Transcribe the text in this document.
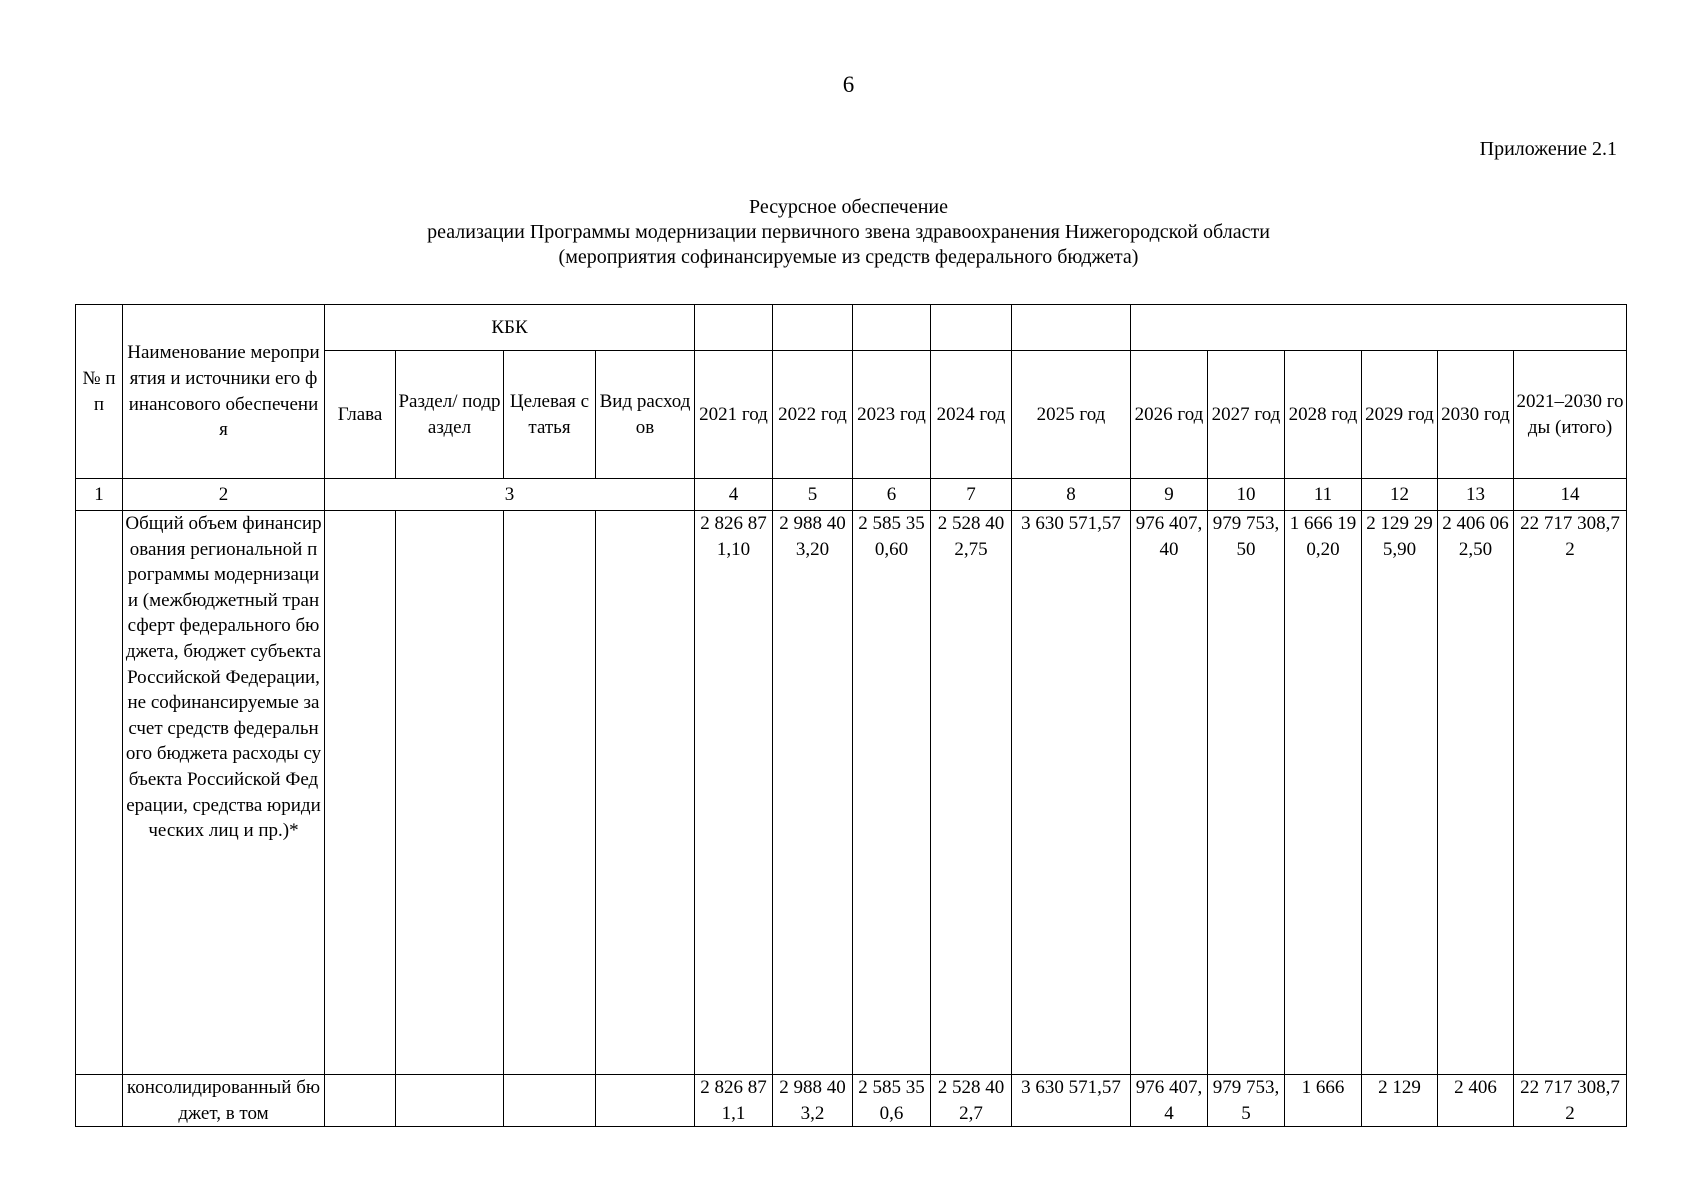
6
Приложение 2.1
Ресурсное обеспечение
реализации Программы модернизации первичного звена здравоохранения Нижегородской области
(мероприятия софинансируемые из средств федерального бюджета)
№ пп	Наименование мероприятия и источники его финансового обеспечения	КБК														
		Глава	Раздел/ подраздел	Целевая статья	Вид расходов	2021 год	2022 год	2023 год	2024 год	2025 год	2026 год	2027 год	2028 год	2029 год	2030 год	2021–2030 годы (итого)
1	2	3				4	5	6	7	8	9	10	11	12	13	14
	Общий объем финансирования региональной программы модернизации (межбюджетный трансферт федерального бюджета, бюджет субъекта Российской Федерации, не софинансируемые за счет средств федерального бюджета расходы субъекта Российской Федерации, средства юридических лиц и пр.)*					2 826 871,10	2 988 403,20	2 585 350,60	2 528 402,75	3 630 571,57	976 407,40	979 753,50	1 666 190,20	2 129 295,90	2 406 062,50	22 717 308,72
	консолидированный бюджет, в том					2 826 871,1	2 988 403,2	2 585 350,6	2 528 402,7	3 630 571,57	976 407,4	979 753,5	1 666	2 129	2 406	22 717 308,72
